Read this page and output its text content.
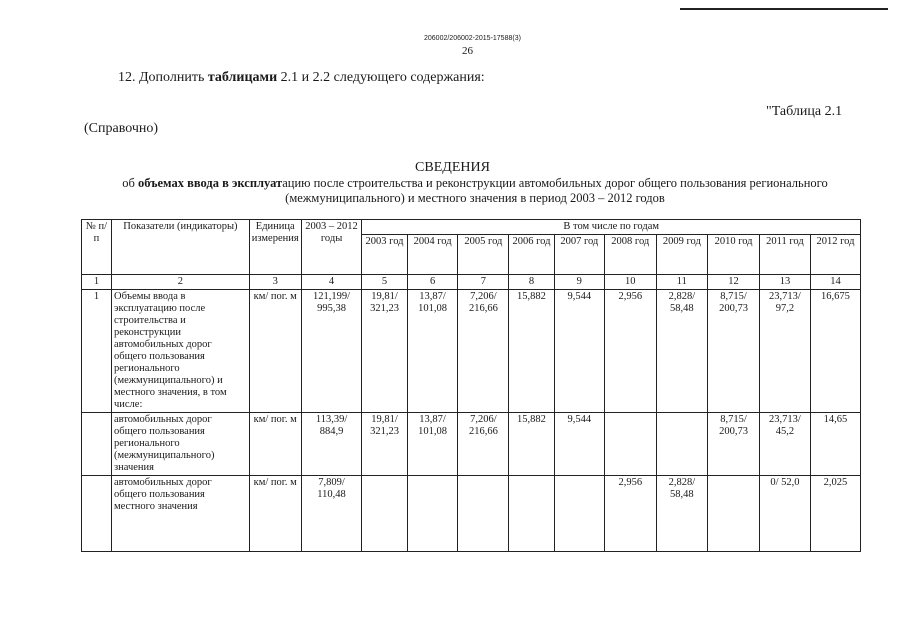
206002/206002-2015-17588(3)
26
12. Дополнить таблицами 2.1 и 2.2 следующего содержания:
"Таблица 2.1
(Справочно)
СВЕДЕНИЯ
об объемах ввода в эксплуатацию после строительства и реконструкции автомобильных дорог общего пользования регионального
(межмуниципального) и местного значения в период 2003 – 2012 годов
№ п/п	Показатели (индикаторы)	Единица измерения	2003 – 2012 годы	В том числе по годам									
				2003 год	2004 год	2005 год	2006 год	2007 год	2008 год	2009 год	2010 год	2011 год	2012 год
1	2	3	4	5	6	7	8	9	10	11	12	13	14
1	Объемы ввода в эксплуатацию после строительства и реконструкции автомобильных дорог общего пользования регионального (межмуниципального) и местного значения, в том числе:	км/ пог. м	121,199/ 995,38	19,81/ 321,23	13,87/ 101,08	7,206/ 216,66	15,882	9,544	2,956	2,828/ 58,48	8,715/ 200,73	23,713/ 97,2	16,675
	автомобильных дорог общего пользования регионального (межмуниципального) значения	км/ пог. м	113,39/ 884,9	19,81/ 321,23	13,87/ 101,08	7,206/ 216,66	15,882	9,544			8,715/ 200,73	23,713/ 45,2	14,65
	автомобильных дорог общего пользования местного значения	км/ пог. м	7,809/ 110,48						2,956	2,828/ 58,48		0/ 52,0	2,025
